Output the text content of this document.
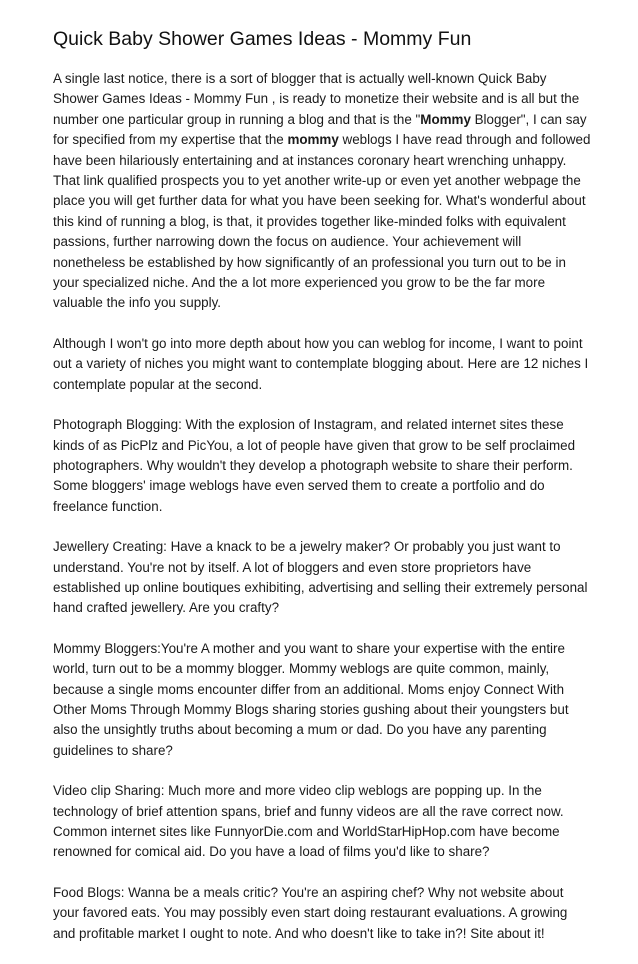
Quick Baby Shower Games Ideas - Mommy Fun

A single last notice, there is a sort of blogger that is actually well-known Quick Baby Shower Games Ideas - Mommy Fun , is ready to monetize their website and is all but the number one particular group in running a blog and that is the "Mommy Blogger", I can say for specified from my expertise that the mommy weblogs I have read through and followed have been hilariously entertaining and at instances coronary heart wrenching unhappy. That link qualified prospects you to yet another write-up or even yet another webpage the place you will get further data for what you have been seeking for. What's wonderful about this kind of running a blog, is that, it provides together like-minded folks with equivalent passions, further narrowing down the focus on audience. Your achievement will nonetheless be established by how significantly of an professional you turn out to be in your specialized niche. And the a lot more experienced you grow to be the far more valuable the info you supply.

Although I won't go into more depth about how you can weblog for income, I want to point out a variety of niches you might want to contemplate blogging about. Here are 12 niches I contemplate popular at the second.

Photograph Blogging: With the explosion of Instagram, and related internet sites these kinds of as PicPlz and PicYou, a lot of people have given that grow to be self proclaimed photographers. Why wouldn't they develop a photograph website to share their perform. Some bloggers' image weblogs have even served them to create a portfolio and do freelance function.

Jewellery Creating: Have a knack to be a jewelry maker? Or probably you just want to understand. You're not by itself. A lot of bloggers and even store proprietors have established up online boutiques exhibiting, advertising and selling their extremely personal hand crafted jewellery. Are you crafty?

Mommy Bloggers:You're A mother and you want to share your expertise with the entire world, turn out to be a mommy blogger. Mommy weblogs are quite common, mainly, because a single moms encounter differ from an additional. Moms enjoy Connect With Other Moms Through Mommy Blogs sharing stories gushing about their youngsters but also the unsightly truths about becoming a mum or dad. Do you have any parenting guidelines to share?

Video clip Sharing: Much more and more video clip weblogs are popping up. In the technology of brief attention spans, brief and funny videos are all the rave correct now. Common internet sites like FunnyorDie.com and WorldStarHipHop.com have become renowned for comical aid. Do you have a load of films you'd like to share?

Food Blogs: Wanna be a meals critic? You're an aspiring chef? Why not website about your favored eats. You may possibly even start doing restaurant evaluations. A growing and profitable market I ought to note. And who doesn't like to take in?! Site about it!
